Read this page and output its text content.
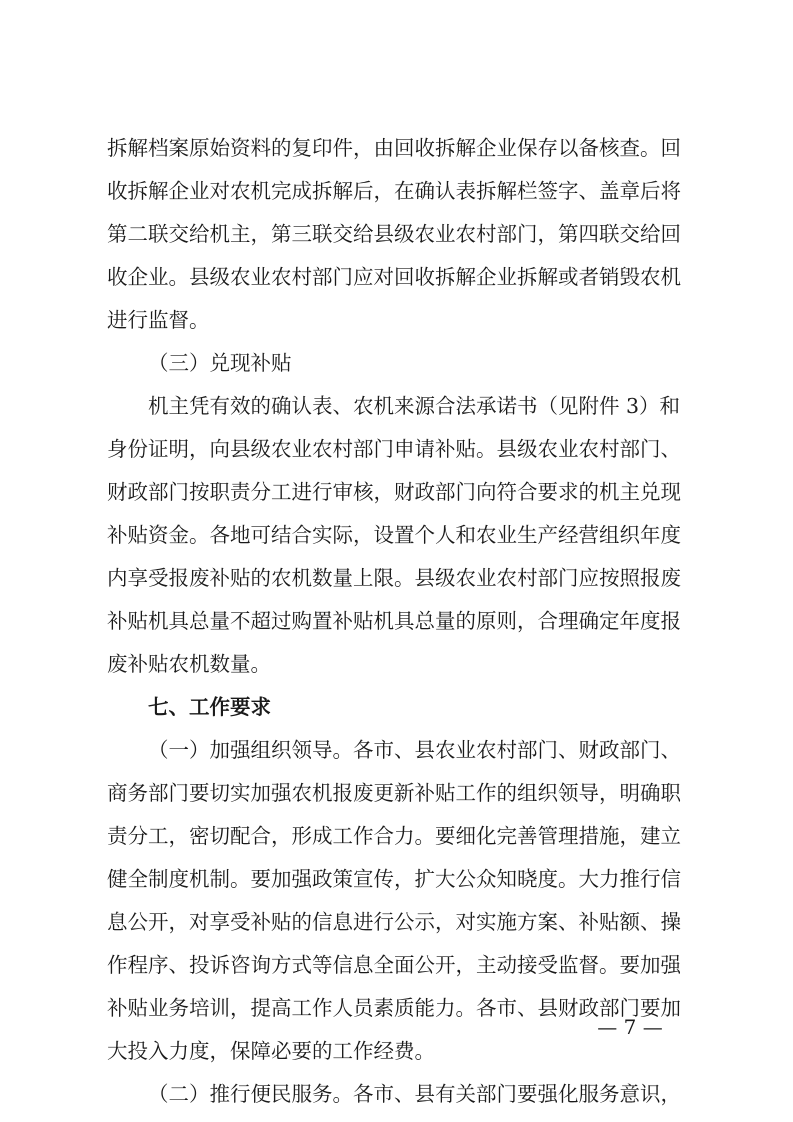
拆解档案原始资料的复印件，由回收拆解企业保存以备核查。回
收拆解企业对农机完成拆解后，在确认表拆解栏签字、盖章后将
第二联交给机主，第三联交给县级农业农村部门，第四联交给回
收企业。县级农业农村部门应对回收拆解企业拆解或者销毁农机
进行监督。
（三）兑现补贴
机主凭有效的确认表、农机来源合法承诺书（见附件 3）和
身份证明，向县级农业农村部门申请补贴。县级农业农村部门、
财政部门按职责分工进行审核，财政部门向符合要求的机主兑现
补贴资金。各地可结合实际，设置个人和农业生产经营组织年度
内享受报废补贴的农机数量上限。县级农业农村部门应按照报废
补贴机具总量不超过购置补贴机具总量的原则，合理确定年度报
废补贴农机数量。
七、工作要求
（一）加强组织领导。各市、县农业农村部门、财政部门、
商务部门要切实加强农机报废更新补贴工作的组织领导，明确职
责分工，密切配合，形成工作合力。要细化完善管理措施，建立
健全制度机制。要加强政策宣传，扩大公众知晓度。大力推行信
息公开，对享受补贴的信息进行公示，对实施方案、补贴额、操
作程序、投诉咨询方式等信息全面公开，主动接受监督。要加强
补贴业务培训，提高工作人员素质能力。各市、县财政部门要加
大投入力度，保障必要的工作经费。
（二）推行便民服务。各市、县有关部门要强化服务意识，
— 7 —
